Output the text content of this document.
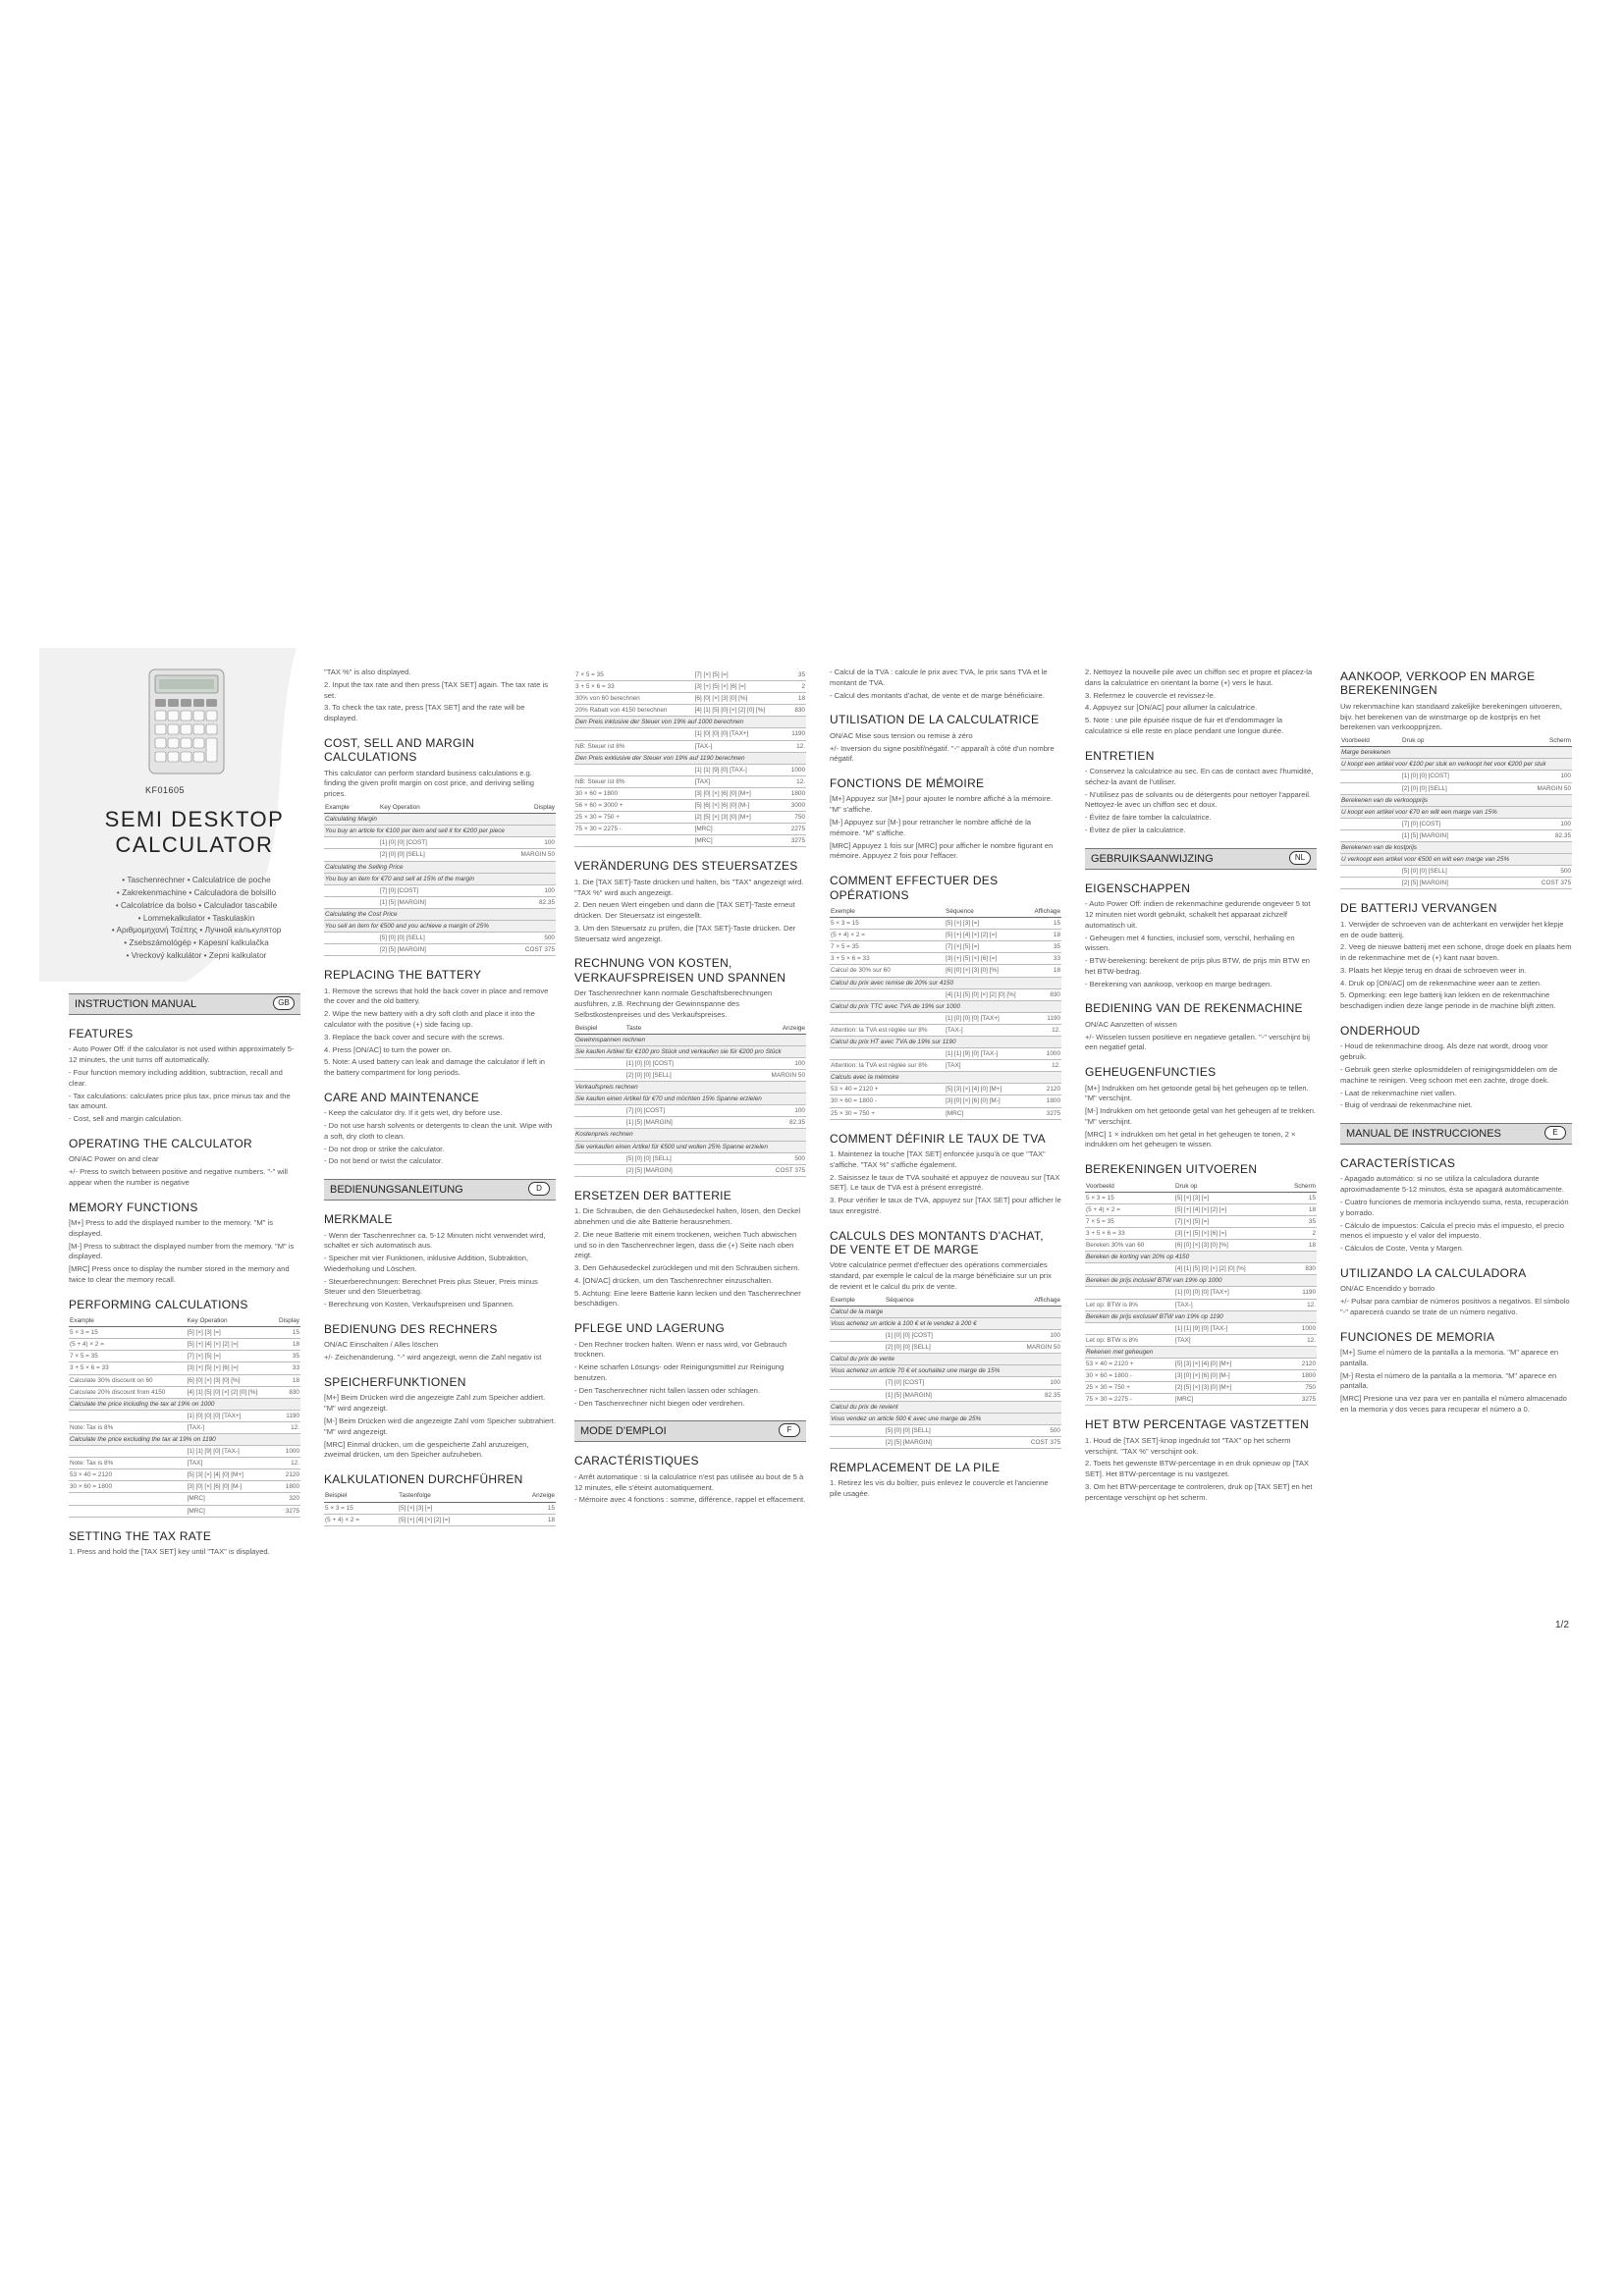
KF01605
SEMI DESKTOP
CALCULATOR
• Taschenrechner • Calculatrice de poche
• Zakrekenmachine • Calculadora de bolsillo
• Calcolatrice da bolso • Calculador tascabile
• Lommekalkulator • Taskulaskin
• Αριθμομηχανή Τσέπης • Лучной калькулятор
• Zsebszámológép • Kapesní kalkulačka
• Vreckový kalkulátor • Zepni kalkulator
INSTRUCTION MANUAL	GB
FEATURES

- Auto Power Off: if the calculator is not used within approximately 5-12 minutes, the unit turns off automatically.

- Four function memory including addition, subtraction, recall and clear.

- Tax calculations: calculates price plus tax, price minus tax and the tax amount.

- Cost, sell and margin calculation.

OPERATING THE CALCULATOR

ON/AC Power on and clear

+/- Press to switch between positive and negative numbers. "-" will appear when the number is negative

MEMORY FUNCTIONS

[M+] Press to add the displayed number to the memory. "M" is displayed.

[M-] Press to subtract the displayed number from the memory. "M" is displayed.

[MRC] Press once to display the number stored in the memory and twice to clear the memory recall.

PERFORMING CALCULATIONS
Example	Key Operation	Display
5 × 3 = 15	[5] [×] [3] [=]	15
(5 + 4) × 2 =	[5] [+] [4] [×] [2] [=]	18
7 × 5 = 35	[7] [×] [5] [=]	35
3 + 5 × 6 = 33	[3] [+] [5] [×] [6] [=]	33
Calculate 30% discount on 60	[6] [0] [×] [3] [0] [%]	18
Calculate 20% discount from 4150	[4] [1] [5] [0] [×] [2] [0] [%]	830
Calculate the price including the tax at 19% on 1000		
	[1] [0] [0] [0] [TAX+]	1190
Note: Tax is 8%	[TAX-]	12.
Calculate the price excluding the tax at 19% on 1190		
	[1] [1] [9] [0] [TAX-]	1000
Note: Tax is 8%	[TAX]	12.
53 × 40 = 2120	[5] [3] [×] [4] [0] [M+]	2120
30 × 60 = 1800	[3] [0] [×] [6] [0] [M-]	1800
	[MRC]	320
	[MRC]	3275
SETTING THE TAX RATE

1. Press and hold the [TAX SET] key until "TAX" is displayed.

"TAX %" is also displayed.

2. Input the tax rate and then press [TAX SET] again. The tax rate is set.

3. To check the tax rate, press [TAX SET] and the rate will be displayed.

COST, SELL AND MARGIN CALCULATIONS

This calculator can perform standard business calculations e.g. finding the given profit margin on cost price, and deriving selling prices.

Example	Key Operation	Display
Calculating Margin		
You buy an article for €100 per item and sell it for €200 per piece		
	[1] [0] [0] [COST]	100
	[2] [0] [0] [SELL]	MARGIN 50
Calculating the Selling Price		
You buy an item for €70 and sell at 15% of the margin		
	[7] [0] [COST]	100
	[1] [5] [MARGIN]	82.35
Calculating the Cost Price		
You sell an item for €500 and you achieve a margin of 25%		
	[5] [0] [0] [SELL]	500
	[2] [5] [MARGIN]	COST 375
REPLACING THE BATTERY

1. Remove the screws that hold the back cover in place and remove the cover and the old battery.

2. Wipe the new battery with a dry soft cloth and place it into the calculator with the positive (+) side facing up.

3. Replace the back cover and secure with the screws.

4. Press [ON/AC] to turn the power on.

5. Note: A used battery can leak and damage the calculator if left in the battery compartment for long periods.

CARE AND MAINTENANCE

- Keep the calculator dry. If it gets wet, dry before use.

- Do not use harsh solvents or detergents to clean the unit. Wipe with a soft, dry cloth to clean.

- Do not drop or strike the calculator.

- Do not bend or twist the calculator.

BEDIENUNGSANLEITUNG	D
MERKMALE

- Wenn der Taschenrechner ca. 5-12 Minuten nicht verwendet wird, schaltet er sich automatisch aus.

- Speicher mit vier Funktionen, inklusive Addition, Subtraktion, Wiederholung und Löschen.

- Steuerberechnungen: Berechnet Preis plus Steuer, Preis minus Steuer und den Steuerbetrag.

- Berechnung von Kosten, Verkaufspreisen und Spannen.

BEDIENUNG DES RECHNERS

ON/AC Einschalten / Alles löschen

+/- Zeichenänderung. "-" wird angezeigt, wenn die Zahl negativ ist

SPEICHERFUNKTIONEN

[M+] Beim Drücken wird die angezeigte Zahl zum Speicher addiert. "M" wird angezeigt.

[M-] Beim Drücken wird die angezeigte Zahl vom Speicher subtrahiert. "M" wird angezeigt.

[MRC] Einmal drücken, um die gespeicherte Zahl anzuzeigen, zweimal drücken, um den Speicher aufzuheben.

KALKULATIONEN DURCHFÜHREN
Beispiel	Tastenfolge	Anzeige
5 × 3 = 15	[5] [×] [3] [=]	15
(5 + 4) × 2 =	[5] [+] [4] [×] [2] [=]	18
7 × 5 = 35	[7] [×] [5] [=]	35
3 + 5 × 6 = 33	[3] [+] [5] [×] [6] [=]	2
30% von 60 berechnen	[6] [0] [×] [3] [0] [%]	18
20% Rabatt von 4150 berechnen	[4] [1] [5] [0] [×] [2] [0] [%]	830
Den Preis inklusive der Steuer von 19% auf 1000 berechnen		
	[1] [0] [0] [0] [TAX+]	1190
NB: Steuer ist 8%	[TAX-]	12.
Den Preis exklusive der Steuer von 19% auf 1190 berechnen		
	[1] [1] [9] [0] [TAX-]	1000
NB: Steuer ist 8%	[TAX]	12.
30 × 60 = 1800	[3] [0] [×] [6] [0] [M+]	1800
56 × 60 = 3000 +	[5] [6] [×] [6] [0] [M-]	3000
25 × 30 = 750 +	[2] [5] [×] [3] [0] [M+]	750
75 × 30 = 2275 -	[MRC]	2275
	[MRC]	3275
VERÄNDERUNG DES STEUERSATZES

1. Die [TAX SET]-Taste drücken und halten, bis "TAX" angezeigt wird. "TAX %" wird auch angezeigt.

2. Den neuen Wert eingeben und dann die [TAX SET]-Taste erneut drücken. Der Steuersatz ist eingestellt.

3. Um den Steuersatz zu prüfen, die [TAX SET]-Taste drücken. Der Steuersatz wird angezeigt.

RECHNUNG VON KOSTEN, VERKAUFSPREISEN UND SPANNEN

Der Taschenrechner kann normale Geschäftsberechnungen ausführen, z.B. Rechnung der Gewinnspanne des Selbstkostenpreises und des Verkaufspreises.

Beispiel	Taste	Anzeige
Gewinnspannen rechnen		
Sie kaufen Artikel für €100 pro Stück und verkaufen sie für €200 pro Stück		
	[1] [0] [0] [COST]	100
	[2] [0] [0] [SELL]	MARGIN 50
Verkaufspreis rechnen		
Sie kaufen einen Artikel für €70 und möchten 15% Spanne erzielen		
	[7] [0] [COST]	100
	[1] [5] [MARGIN]	82.35
Kostenpreis rechnen		
Sie verkaufen einen Artikel für €500 und wollen 25% Spanne erzielen		
	[5] [0] [0] [SELL]	500
	[2] [5] [MARGIN]	COST 375
ERSETZEN DER BATTERIE

1. Die Schrauben, die den Gehäusedeckel halten, lösen, den Deckel abnehmen und die alte Batterie herausnehmen.

2. Die neue Batterie mit einem trockenen, weichen Tuch abwischen und so in den Taschenrechner legen, dass die (+) Seite nach oben zeigt.

3. Den Gehäusedeckel zurücklegen und mit den Schrauben sichern.

4. [ON/AC] drücken, um den Taschenrechner einzuschalten.

5. Achtung: Eine leere Batterie kann lecken und den Taschenrechner beschädigen.

PFLEGE UND LAGERUNG

- Den Rechner trocken halten. Wenn er nass wird, vor Gebrauch trocknen.

- Keine scharfen Lösungs- oder Reinigungsmittel zur Reinigung benutzen.

- Den Taschenrechner nicht fallen lassen oder schlagen.

- Den Taschenrechner nicht biegen oder verdrehen.

MODE D'EMPLOI	F
CARACTÉRISTIQUES

- Arrêt automatique : si la calculatrice n'est pas utilisée au bout de 5 à 12 minutes, elle s'éteint automatiquement.

- Mémoire avec 4 fonctions : somme, différence, rappel et effacement.

- Calcul de la TVA : calcule le prix avec TVA, le prix sans TVA et le montant de TVA.

- Calcul des montants d'achat, de vente et de marge bénéficiaire.

UTILISATION DE LA CALCULATRICE

ON/AC Mise sous tension ou remise à zéro

+/- Inversion du signe positif/négatif. "-" apparaît à côté d'un nombre négatif.

FONCTIONS DE MÉMOIRE

[M+] Appuyez sur [M+] pour ajouter le nombre affiché à la mémoire. "M" s'affiche.

[M-] Appuyez sur [M-] pour retrancher le nombre affiché de la mémoire. "M" s'affiche.

[MRC] Appuyez 1 fois sur [MRC] pour afficher le nombre figurant en mémoire. Appuyez 2 fois pour l'effacer.

COMMENT EFFECTUER DES OPÉRATIONS
Exemple	Séquence	Affichage
5 × 3 = 15	[5] [×] [3] [=]	15
(5 + 4) × 2 =	[5] [+] [4] [×] [2] [=]	18
7 × 5 = 35	[7] [×] [5] [=]	35
3 + 5 × 6 = 33	[3] [+] [5] [×] [6] [=]	33
Calcul de 30% sur 60	[6] [0] [×] [3] [0] [%]	18
Calcul du prix avec remise de 20% sur 4150		
	[4] [1] [5] [0] [×] [2] [0] [%]	830
Calcul du prix TTC avec TVA de 19% sur 1000		
	[1] [0] [0] [0] [TAX+]	1190
Attention: la TVA est réglée sur 8%	[TAX-]	12.
Calcul du prix HT avec TVA de 19% sur 1190		
	[1] [1] [9] [0] [TAX-]	1000
Attention: la TVA est réglée sur 8%	[TAX]	12.
Calculs avec la mémoire		
53 × 40 = 2120 +	[5] [3] [×] [4] [0] [M+]	2120
30 × 60 = 1800 -	[3] [0] [×] [6] [0] [M-]	1800
25 × 30 = 750 +	[MRC]	3275
COMMENT DÉFINIR LE TAUX DE TVA

1. Maintenez la touche [TAX SET] enfoncée jusqu'à ce que "TAX" s'affiche. "TAX %" s'affiche également.

2. Saisissez le taux de TVA souhaité et appuyez de nouveau sur [TAX SET]. Le taux de TVA est à présent enregistré.

3. Pour vérifier le taux de TVA, appuyez sur [TAX SET] pour afficher le taux enregistré.

CALCULS DES MONTANTS D'ACHAT, DE VENTE ET DE MARGE

Votre calculatrice permet d'effectuer des opérations commerciales standard, par exemple le calcul de la marge bénéficiaire sur un prix de revient et le calcul du prix de vente.

Exemple	Séquence	Affichage
Calcul de la marge		
Vous achetez un article à 100 € et le vendez à 200 €		
	[1] [0] [0] [COST]	100
	[2] [0] [0] [SELL]	MARGIN 50
Calcul du prix de vente		
Vous achetez un article 70 € et souhaitez une marge de 15%		
	[7] [0] [COST]	100
	[1] [5] [MARGIN]	82.35
Calcul du prix de revient		
Vous vendez un article 500 € avec une marge de 25%		
	[5] [0] [0] [SELL]	500
	[2] [5] [MARGIN]	COST 375
REMPLACEMENT DE LA PILE

1. Retirez les vis du boîtier, puis enlevez le couvercle et l'ancienne pile usagée.

2. Nettoyez la nouvelle pile avec un chiffon sec et propre et placez-la dans la calculatrice en orientant la borne (+) vers le haut.

3. Refermez le couvercle et revissez-le.

4. Appuyez sur [ON/AC] pour allumer la calculatrice.

5. Note : une pile épuisée risque de fuir et d'endommager la calculatrice si elle reste en place pendant une longue durée.

ENTRETIEN

- Conservez la calculatrice au sec. En cas de contact avec l'humidité, séchez-la avant de l'utiliser.

- N'utilisez pas de solvants ou de détergents pour nettoyer l'appareil. Nettoyez-le avec un chiffon sec et doux.

- Évitez de faire tomber la calculatrice.

- Évitez de plier la calculatrice.

GEBRUIKSAANWIJZING	NL
EIGENSCHAPPEN

- Auto Power Off: indien de rekenmachine gedurende ongeveer 5 tot 12 minuten niet wordt gebruikt, schakelt het apparaat zichzelf automatisch uit.

- Geheugen met 4 functies, inclusief som, verschil, herhaling en wissen.

- BTW-berekening: berekent de prijs plus BTW, de prijs min BTW en het BTW-bedrag.

- Berekening van aankoop, verkoop en marge bedragen.

BEDIENING VAN DE REKENMACHINE

ON/AC Aanzetten of wissen

+/- Wisselen tussen positieve en negatieve getallen. "-" verschijnt bij een negatief getal.

GEHEUGENFUNCTIES

[M+] Indrukken om het getoonde getal bij het geheugen op te tellen. "M" verschijnt.

[M-] Indrukken om het getoonde getal van het geheugen af te trekken. "M" verschijnt.

[MRC] 1 × indrukken om het getal in het geheugen te tonen, 2 × indrukken om het geheugen te wissen.

BEREKENINGEN UITVOEREN
Voorbeeld	Druk op	Scherm
5 × 3 = 15	[5] [×] [3] [=]	15
(5 + 4) × 2 =	[5] [+] [4] [×] [2] [=]	18
7 × 5 = 35	[7] [×] [5] [=]	35
3 + 5 × 6 = 33	[3] [+] [5] [×] [6] [=]	2
Bereken 30% van 60	[6] [0] [×] [3] [0] [%]	18
Bereken de korting van 20% op 4150		
	[4] [1] [5] [0] [×] [2] [0] [%]	830
Bereken de prijs inclusief BTW van 19% op 1000		
	[1] [0] [0] [0] [TAX+]	1190
Let op: BTW is 8%	[TAX-]	12.
Bereken de prijs exclusief BTW van 19% op 1190		
	[1] [1] [9] [0] [TAX-]	1000
Let op: BTW is 8%	[TAX]	12.
Rekenen met geheugen		
53 × 40 = 2120 +	[5] [3] [×] [4] [0] [M+]	2120
30 × 60 = 1800 -	[3] [0] [×] [6] [0] [M-]	1800
25 × 30 = 750 +	[2] [5] [×] [3] [0] [M+]	750
75 × 30 = 2275 -	[MRC]	3275
HET BTW PERCENTAGE VASTZETTEN

1. Houd de [TAX SET]-knop ingedrukt tot "TAX" op het scherm verschijnt. "TAX %" verschijnt ook.

2. Toets het gewenste BTW-percentage in en druk opnieuw op [TAX SET]. Het BTW-percentage is nu vastgezet.

3. Om het BTW-percentage te controleren, druk op [TAX SET] en het percentage verschijnt op het scherm.

AANKOOP, VERKOOP EN MARGE BEREKENINGEN

Uw rekenmachine kan standaard zakelijke berekeningen uitvoeren, bijv. het berekenen van de winstmarge op de kostprijs en het berekenen van verkoopprijzen.

Voorbeeld	Druk op	Scherm
Marge berekenen		
U koopt een artikel voor €100 per stuk en verkoopt het voor €200 per stuk		
	[1] [0] [0] [COST]	100
	[2] [0] [0] [SELL]	MARGIN 50
Berekenen van de verkoopprijs		
U koopt een artikel voor €70 en wilt een marge van 15%		
	[7] [0] [COST]	100
	[1] [5] [MARGIN]	82.35
Berekenen van de kostprijs		
U verkoopt een artikel voor €500 en wilt een marge van 25%		
	[5] [0] [0] [SELL]	500
	[2] [5] [MARGIN]	COST 375
DE BATTERIJ VERVANGEN

1. Verwijder de schroeven van de achterkant en verwijder het klepje en de oude batterij.

2. Veeg de nieuwe batterij met een schone, droge doek en plaats hem in de rekenmachine met de (+) kant naar boven.

3. Plaats het klepje terug en draai de schroeven weer in.

4. Druk op [ON/AC] om de rekenmachine weer aan te zetten.

5. Opmerking: een lege batterij kan lekken en de rekenmachine beschadigen indien deze lange periode in de machine blijft zitten.

ONDERHOUD

- Houd de rekenmachine droog. Als deze nat wordt, droog voor gebruik.

- Gebruik geen sterke oplosmiddelen of reinigingsmiddelen om de machine te reinigen. Veeg schoon met een zachte, droge doek.

- Laat de rekenmachine niet vallen.

- Buig of verdraai de rekenmachine niet.

MANUAL DE INSTRUCCIONES	E
CARACTERÍSTICAS

- Apagado automático: si no se utiliza la calculadora durante aproximadamente 5-12 minutos, ésta se apagará automáticamente.

- Cuatro funciones de memoria incluyendo suma, resta, recuperación y borrado.

- Cálculo de impuestos: Calcula el precio más el impuesto, el precio menos el impuesto y el valor del impuesto.

- Cálculos de Coste, Venta y Margen.

UTILIZANDO LA CALCULADORA

ON/AC Encendido y borrado

+/- Pulsar para cambiar de números positivos a negativos. El símbolo "-" aparecerá cuando se trate de un número negativo.

FUNCIONES DE MEMORIA

[M+] Sume el número de la pantalla a la memoria. "M" aparece en pantalla.

[M-] Resta el número de la pantalla a la memoria. "M" aparece en pantalla.

[MRC] Presione una vez para ver en pantalla el número almacenado en la memoria y dos veces para recuperar el número a 0.

1/2
